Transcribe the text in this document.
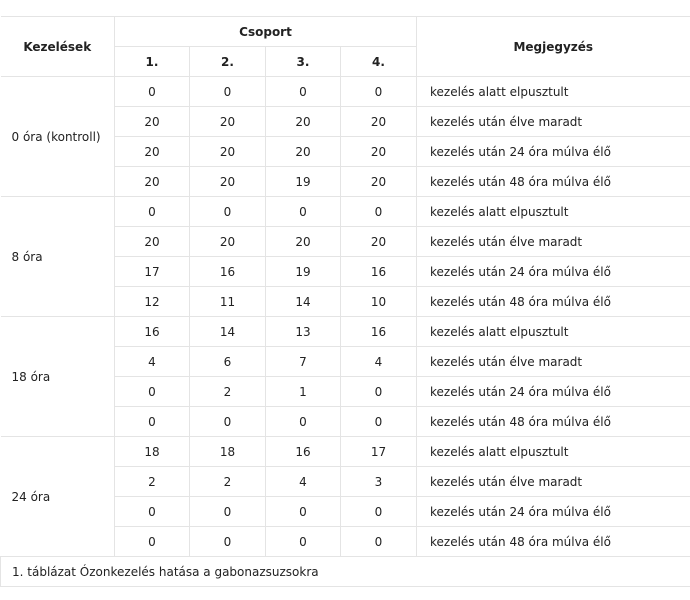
Kezelések	Csoport				Megjegyzés
	1.	2.	3.	4.	
0 óra (kontroll)	0	0	0	0	kezelés alatt elpusztult
	20	20	20	20	kezelés után élve maradt
	20	20	20	20	kezelés után 24 óra múlva élő
	20	20	19	20	kezelés után 48 óra múlva élő
8 óra	0	0	0	0	kezelés alatt elpusztult
	20	20	20	20	kezelés után élve maradt
	17	16	19	16	kezelés után 24 óra múlva élő
	12	11	14	10	kezelés után 48 óra múlva élő
18 óra	16	14	13	16	kezelés alatt elpusztult
	4	6	7	4	kezelés után élve maradt
	0	2	1	0	kezelés után 24 óra múlva élő
	0	0	0	0	kezelés után 48 óra múlva élő
24 óra	18	18	16	17	kezelés alatt elpusztult
	2	2	4	3	kezelés után élve maradt
	0	0	0	0	kezelés után 24 óra múlva élő
	0	0	0	0	kezelés után 48 óra múlva élő
1. táblázat Ózonkezelés hatása a gabonazsuzsokra					
